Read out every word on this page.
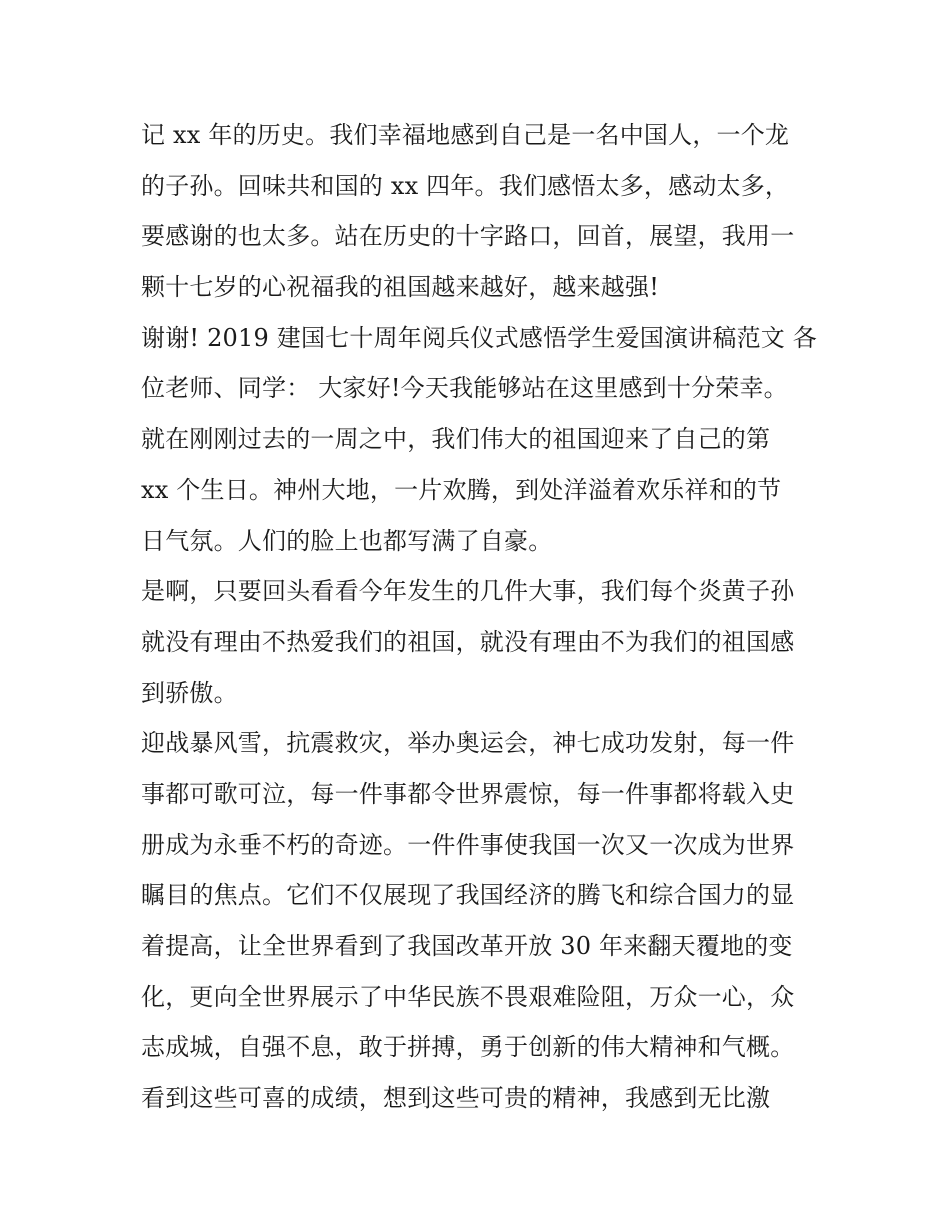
记 xx 年的历史。我们幸福地感到自己是一名中国人，一个龙
的子孙。回味共和国的 xx 四年。我们感悟太多，感动太多，
要感谢的也太多。站在历史的十字路口，回首，展望，我用一
颗十七岁的心祝福我的祖国越来越好，越来越强!
谢谢! 2019 建国七十周年阅兵仪式感悟学生爱国演讲稿范文 各
位老师、同学： 大家好!今天我能够站在这里感到十分荣幸。
就在刚刚过去的一周之中，我们伟大的祖国迎来了自己的第
xx 个生日。神州大地，一片欢腾，到处洋溢着欢乐祥和的节
日气氛。人们的脸上也都写满了自豪。
是啊，只要回头看看今年发生的几件大事，我们每个炎黄子孙
就没有理由不热爱我们的祖国，就没有理由不为我们的祖国感
到骄傲。
迎战暴风雪，抗震救灾，举办奥运会，神七成功发射，每一件
事都可歌可泣，每一件事都令世界震惊，每一件事都将载入史
册成为永垂不朽的奇迹。一件件事使我国一次又一次成为世界
瞩目的焦点。它们不仅展现了我国经济的腾飞和综合国力的显
着提高，让全世界看到了我国改革开放 30 年来翻天覆地的变
化，更向全世界展示了中华民族不畏艰难险阻，万众一心，众
志成城，自强不息，敢于拼搏，勇于创新的伟大精神和气概。
看到这些可喜的成绩，想到这些可贵的精神，我感到无比激
